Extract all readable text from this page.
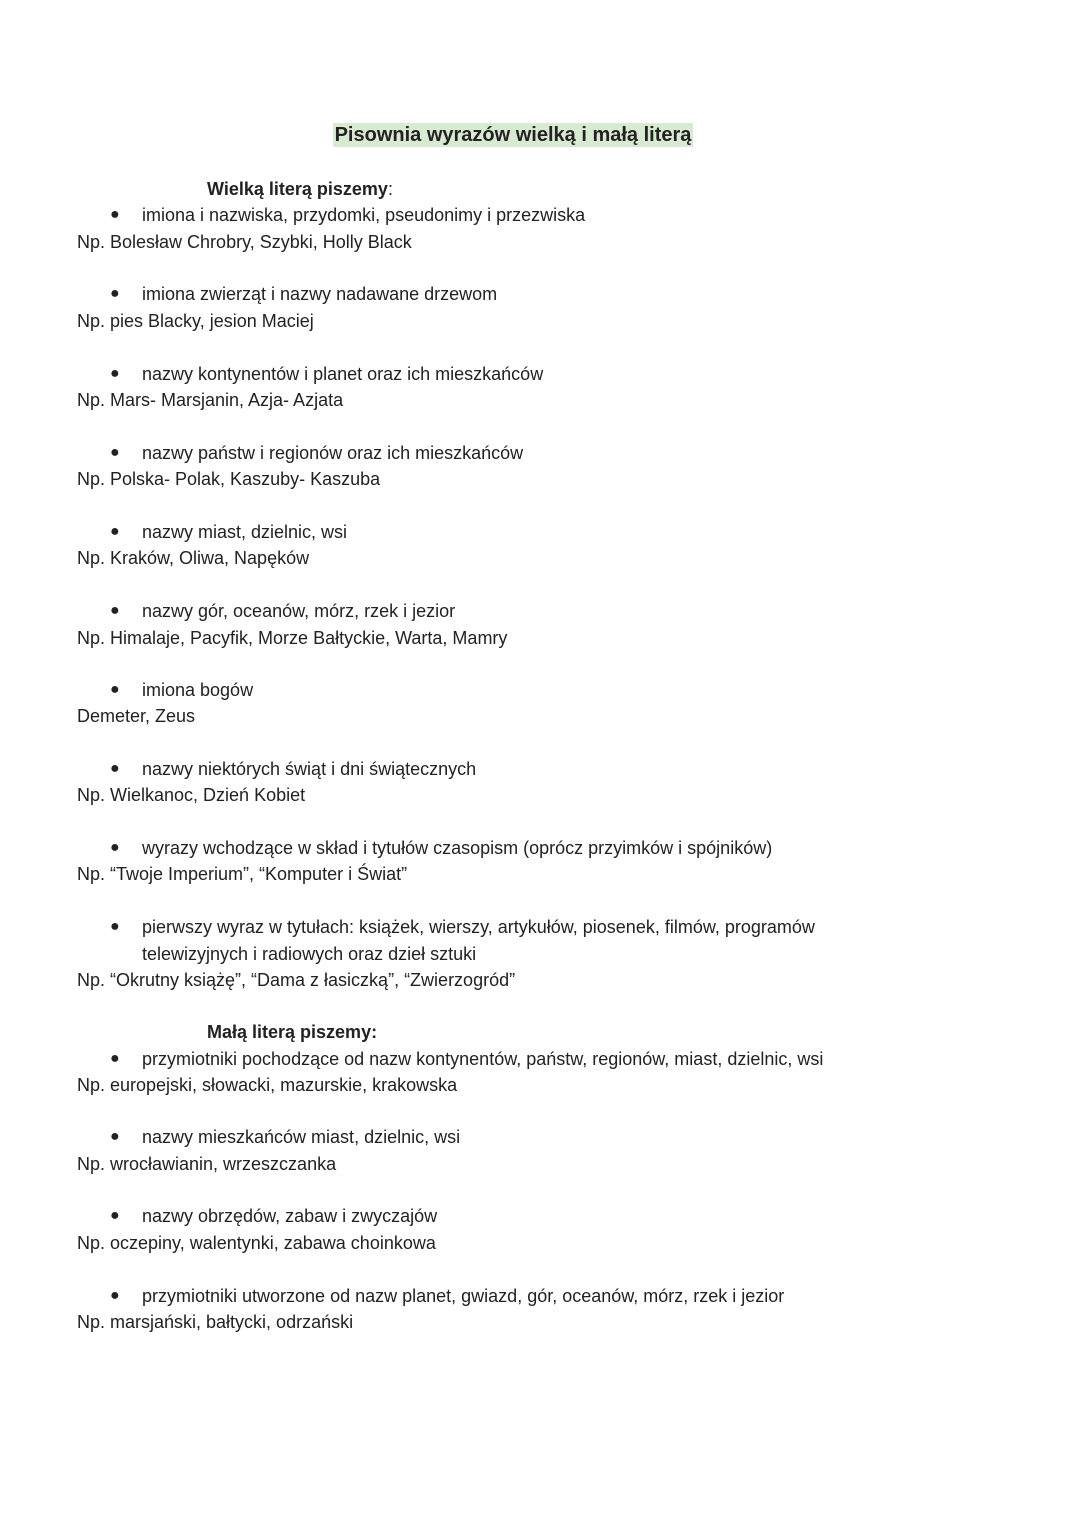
Pisownia wyrazów wielką i małą literą
Wielką literą piszemy:
●	imiona i nazwiska, przydomki, pseudonimy i przezwiska
Np. Bolesław Chrobry, Szybki, Holly Black
●	imiona zwierząt i nazwy nadawane drzewom
Np. pies Blacky, jesion Maciej
●	nazwy kontynentów i planet oraz ich mieszkańców
Np. Mars- Marsjanin, Azja- Azjata
●	nazwy państw i regionów oraz ich mieszkańców
Np. Polska- Polak, Kaszuby- Kaszuba
●	nazwy miast, dzielnic, wsi
Np. Kraków, Oliwa, Napęków
●	nazwy gór, oceanów, mórz, rzek i jezior
Np. Himalaje, Pacyfik, Morze Bałtyckie, Warta, Mamry
●	imiona bogów
Demeter, Zeus
●	nazwy niektórych świąt i dni świątecznych
Np. Wielkanoc, Dzień Kobiet
●	wyrazy wchodzące w skład i tytułów czasopism (oprócz przyimków i spójników)
Np. “Twoje Imperium”, “Komputer i Świat”
●	pierwszy wyraz w tytułach: książek, wierszy, artykułów, piosenek, filmów, programów
telewizyjnych i radiowych oraz dzieł sztuki
Np. “Okrutny książę”, “Dama z łasiczką”, “Zwierzogród”
Małą literą piszemy:
●	przymiotniki pochodzące od nazw kontynentów, państw, regionów, miast, dzielnic, wsi
Np. europejski, słowacki, mazurskie, krakowska
●	nazwy mieszkańców miast, dzielnic, wsi
Np. wrocławianin, wrzeszczanka
●	nazwy obrzędów, zabaw i zwyczajów
Np. oczepiny, walentynki, zabawa choinkowa
●	przymiotniki utworzone od nazw planet, gwiazd, gór, oceanów, mórz, rzek i jezior
Np. marsjański, bałtycki, odrzański
